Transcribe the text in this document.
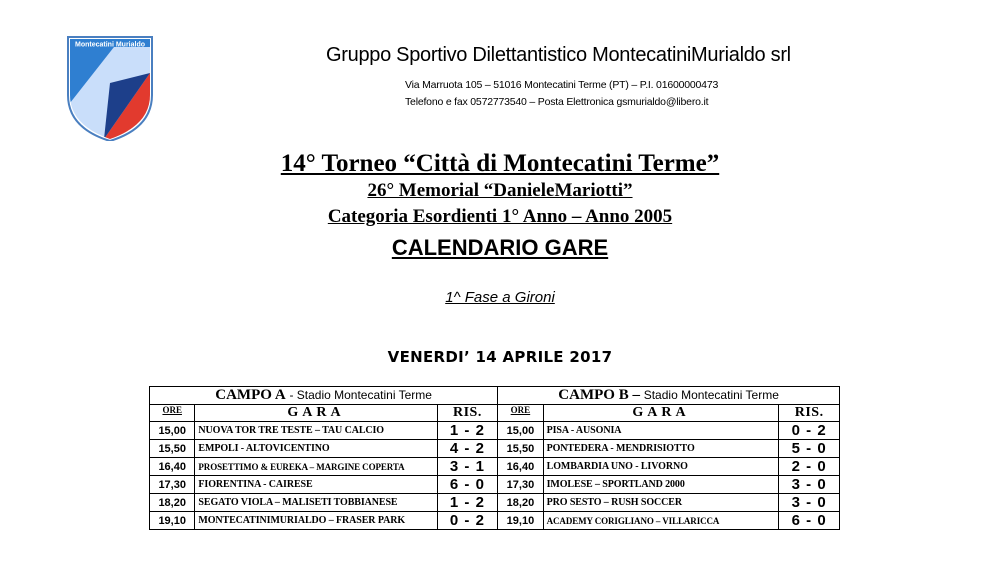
Montecatini Murialdo	Gruppo Sportivo Dilettantistico MontecatiniMurialdo srl
Via Marruota 105 – 51016 Montecatini Terme (PT) – P.I. 01600000473
Telefono e fax 0572773540 – Posta Elettronica gsmurialdo@libero.it
14° Torneo “Città di Montecatini Terme”
26° Memorial “DanieleMariotti”
Categoria Esordienti 1° Anno – Anno 2005
CALENDARIO GARE
1^ Fase a Gironi
VENERDI’ 14 APRILE 2017
CAMPO A - Stadio Montecatini Terme			CAMPO B – Stadio Montecatini Terme		
ORE	GARA	RIS.	ORE	GARA	RIS.
15,00	NUOVA TOR TRE TESTE – TAU CALCIO	1 - 2	15,00	PISA - AUSONIA	0 - 2
15,50	EMPOLI - ALTOVICENTINO	4 - 2	15,50	PONTEDERA - MENDRISIOTTO	5 - 0
16,40	PROSETTIMO & EUREKA – MARGINE COPERTA	3 - 1	16,40	LOMBARDIA UNO - LIVORNO	2 - 0
17,30	FIORENTINA - CAIRESE	6 - 0	17,30	IMOLESE – SPORTLAND 2000	3 - 0
18,20	SEGATO VIOLA – MALISETI TOBBIANESE	1 - 2	18,20	PRO SESTO – RUSH SOCCER	3 - 0
19,10	MONTECATINIMURIALDO – FRASER PARK	0 - 2	19,10	ACADEMY CORIGLIANO – VILLARICCA	6 - 0
